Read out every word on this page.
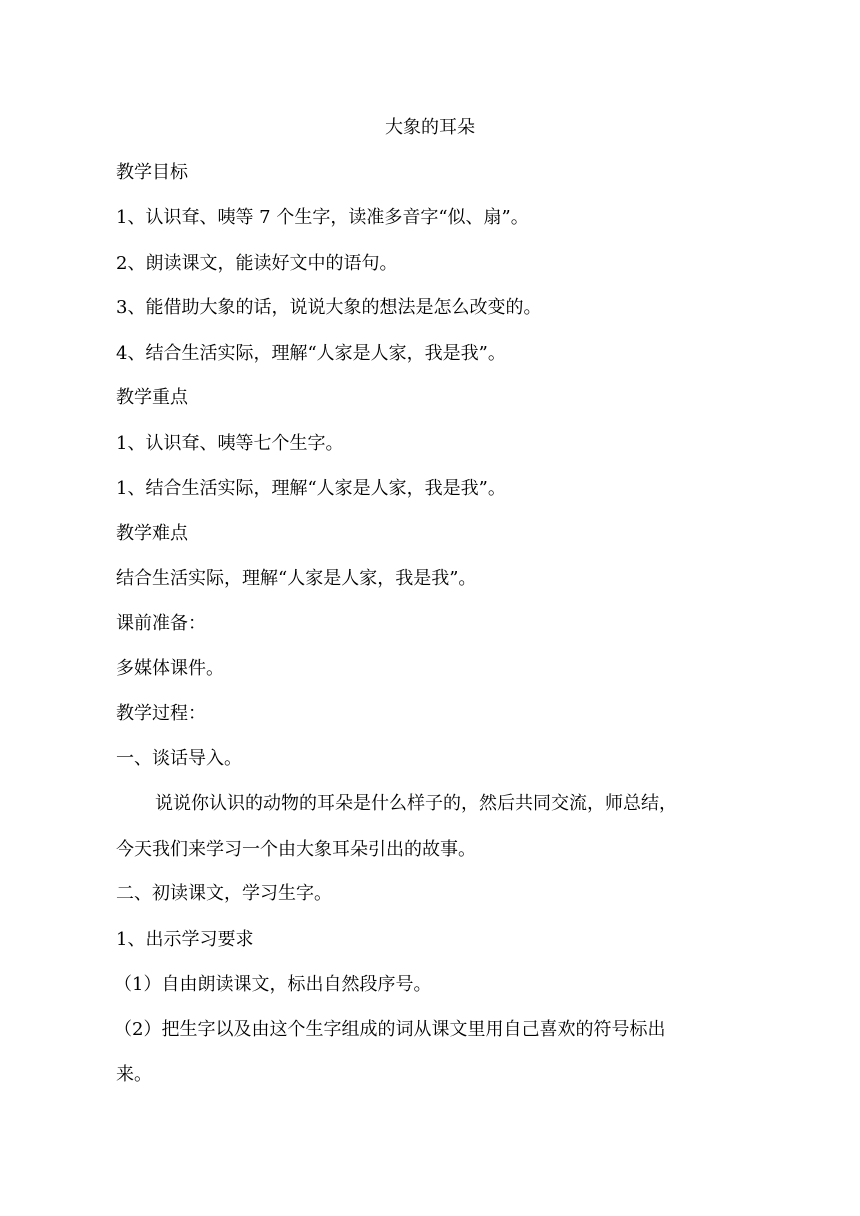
大象的耳朵
教学目标
1、认识耷、咦等 7 个生字，读准多音字“似、扇”。
2、朗读课文，能读好文中的语句。
3、能借助大象的话，说说大象的想法是怎么改变的。
4、结合生活实际，理解“人家是人家，我是我”。
教学重点
1、认识耷、咦等七个生字。
1、结合生活实际，理解“人家是人家，我是我”。
教学难点
结合生活实际，理解“人家是人家，我是我”。
课前准备：
多媒体课件。
教学过程：
一、谈话导入。
说说你认识的动物的耳朵是什么样子的，然后共同交流，师总结，
今天我们来学习一个由大象耳朵引出的故事。
二、初读课文，学习生字。
1、出示学习要求
（1）自由朗读课文，标出自然段序号。
（2）把生字以及由这个生字组成的词从课文里用自己喜欢的符号标出
来。
